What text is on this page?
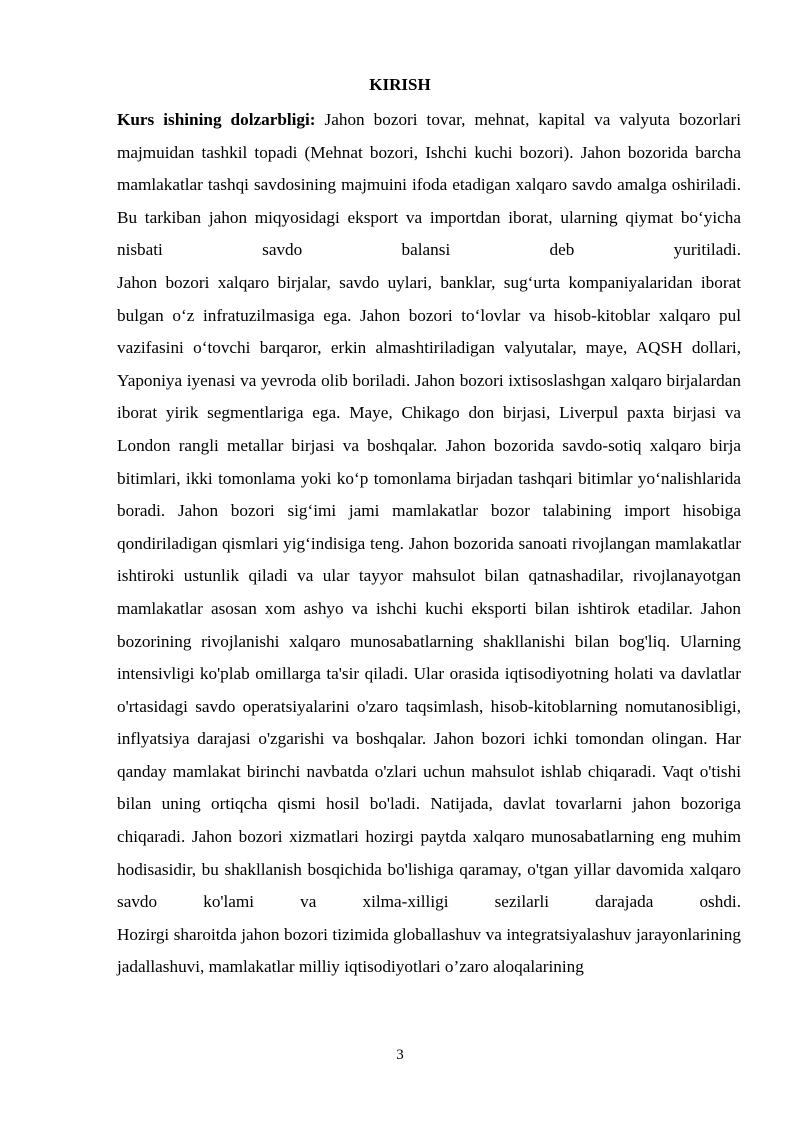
KIRISH

Kurs ishining dolzarbligi: Jahon bozori tovar, mehnat, kapital va valyuta bozorlari majmuidan tashkil topadi (Mehnat bozori, Ishchi kuchi bozori). Jahon bozorida barcha mamlakatlar tashqi savdosining majmuini ifoda etadigan xalqaro savdo amalga oshiriladi. Bu tarkiban jahon miqyosidagi eksport va importdan iborat, ularning qiymat bo‘yicha nisbati savdo balansi deb yuritiladi.

Jahon bozori xalqaro birjalar, savdo uylari, banklar, sug‘urta kompaniyalaridan iborat bulgan o‘z infratuzilmasiga ega. Jahon bozori to‘lovlar va hisob-kitoblar xalqaro pul vazifasini o‘tovchi barqaror, erkin almashtiriladigan valyutalar, maye, AQSH dollari, Yaponiya iyenasi va yevroda olib boriladi. Jahon bozori ixtisoslashgan xalqaro birjalardan iborat yirik segmentlariga ega. Maye, Chikago don birjasi, Liverpul paxta birjasi va London rangli metallar birjasi va boshqalar. Jahon bozorida savdo-sotiq xalqaro birja bitimlari, ikki tomonlama yoki ko‘p tomonlama birjadan tashqari bitimlar yo‘nalishlarida boradi. Jahon bozori sig‘imi jami mamlakatlar bozor talabining import hisobiga qondiriladigan qismlari yig‘indisiga teng. Jahon bozorida sanoati rivojlangan mamlakatlar ishtiroki ustunlik qiladi va ular tayyor mahsulot bilan qatnashadilar, rivojlanayotgan mamlakatlar asosan xom ashyo va ishchi kuchi eksporti bilan ishtirok etadilar. Jahon bozorining rivojlanishi xalqaro munosabatlarning shakllanishi bilan bog'liq. Ularning intensivligi ko'plab omillarga ta'sir qiladi. Ular orasida iqtisodiyotning holati va davlatlar o'rtasidagi savdo operatsiyalarini o'zaro taqsimlash, hisob-kitoblarning nomutanosibligi, inflyatsiya darajasi o'zgarishi va boshqalar. Jahon bozori ichki tomondan olingan. Har qanday mamlakat birinchi navbatda o'zlari uchun mahsulot ishlab chiqaradi. Vaqt o'tishi bilan uning ortiqcha qismi hosil bo'ladi. Natijada, davlat tovarlarni jahon bozoriga chiqaradi. Jahon bozori xizmatlari hozirgi paytda xalqaro munosabatlarning eng muhim hodisasidir, bu shakllanish bosqichida bo'lishiga qaramay, o'tgan yillar davomida xalqaro savdo ko'lami va xilma-xilligi sezilarli darajada oshdi.

Hozirgi sharoitda jahon bozori tizimida globallashuv va integratsiyalashuv jarayonlarining jadallashuvi, mamlakatlar milliy iqtisodiyotlari o’zaro aloqalarining

3
